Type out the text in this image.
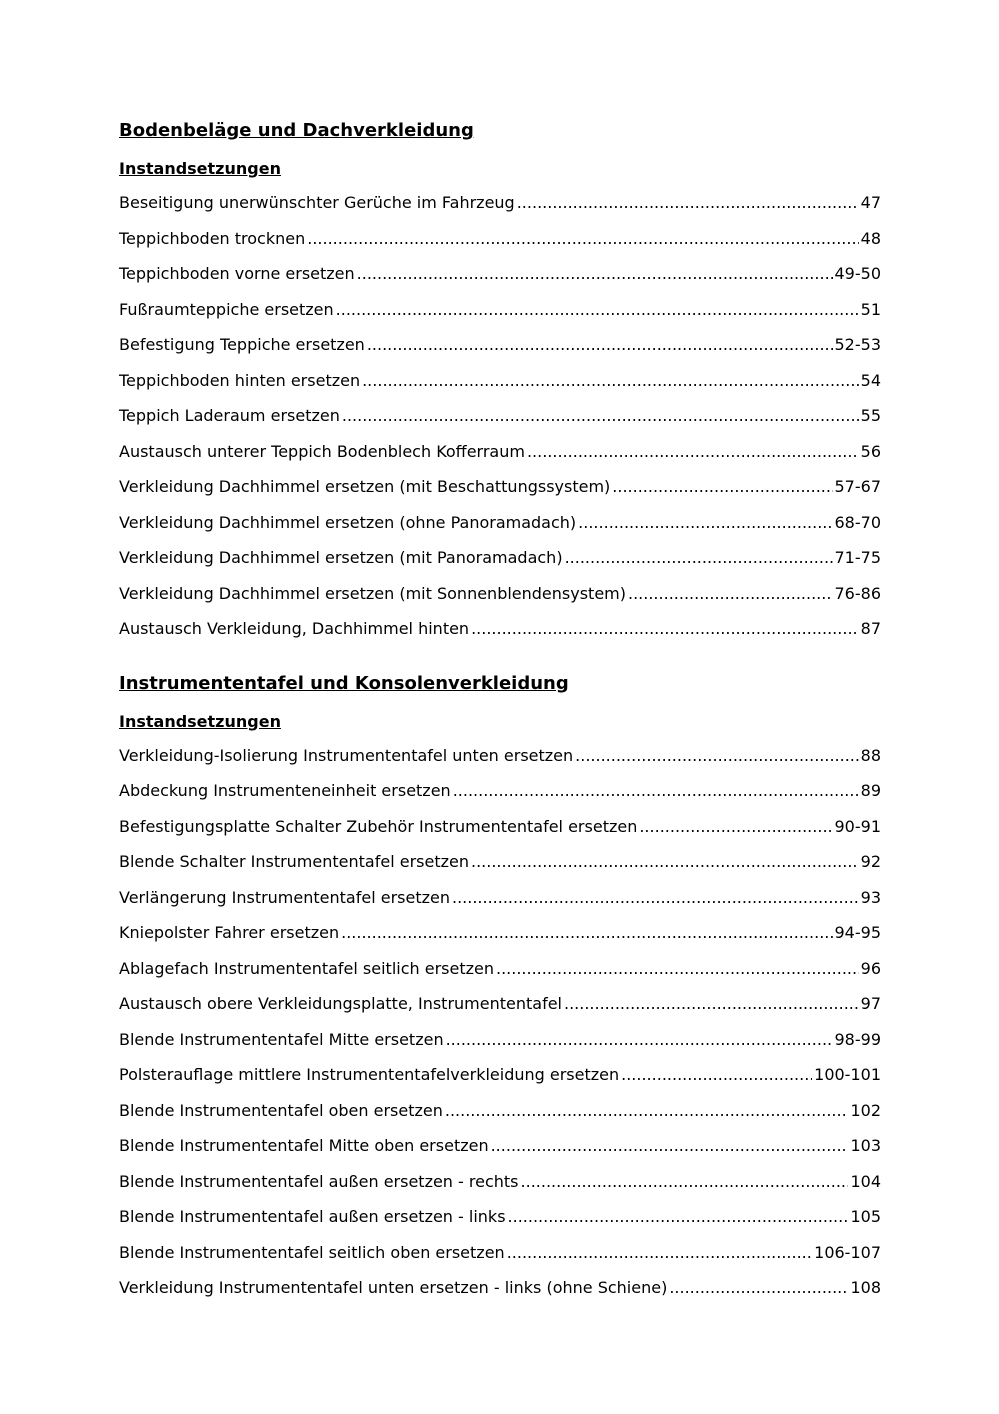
Bodenbeläge und Dachverkleidung
Instandsetzungen
Beseitigung unerwünschter Gerüche im Fahrzeug .....	47
Teppichboden trocknen .....	48
Teppichboden vorne ersetzen .....	49-50
Fußraumteppiche ersetzen .....	51
Befestigung Teppiche ersetzen .....	52-53
Teppichboden hinten ersetzen .....	54
Teppich Laderaum ersetzen .....	55
Austausch unterer Teppich Bodenblech Kofferraum .....	56
Verkleidung Dachhimmel ersetzen (mit Beschattungssystem) .....	57-67
Verkleidung Dachhimmel ersetzen (ohne Panoramadach) .....	68-70
Verkleidung Dachhimmel ersetzen (mit Panoramadach) .....	71-75
Verkleidung Dachhimmel ersetzen (mit Sonnenblendensystem) .....	76-86
Austausch Verkleidung, Dachhimmel hinten .....	87
Instrumententafel und Konsolenverkleidung
Instandsetzungen
Verkleidung-Isolierung Instrumententafel unten ersetzen .....	88
Abdeckung Instrumenteneinheit ersetzen .....	89
Befestigungsplatte Schalter Zubehör Instrumententafel ersetzen .....	90-91
Blende Schalter Instrumententafel ersetzen .....	92
Verlängerung Instrumententafel ersetzen .....	93
Kniepolster Fahrer ersetzen .....	94-95
Ablagefach Instrumententafel seitlich ersetzen .....	96
Austausch obere Verkleidungsplatte, Instrumententafel .....	97
Blende Instrumententafel Mitte ersetzen .....	98-99
Polsterauflage mittlere Instrumententafelverkleidung ersetzen .....	100-101
Blende Instrumententafel oben ersetzen .....	102
Blende Instrumententafel Mitte oben ersetzen .....	103
Blende Instrumententafel außen ersetzen - rechts .....	104
Blende Instrumententafel außen ersetzen - links .....	105
Blende Instrumententafel seitlich oben ersetzen .....	106-107
Verkleidung Instrumententafel unten ersetzen - links (ohne Schiene) .....	108
